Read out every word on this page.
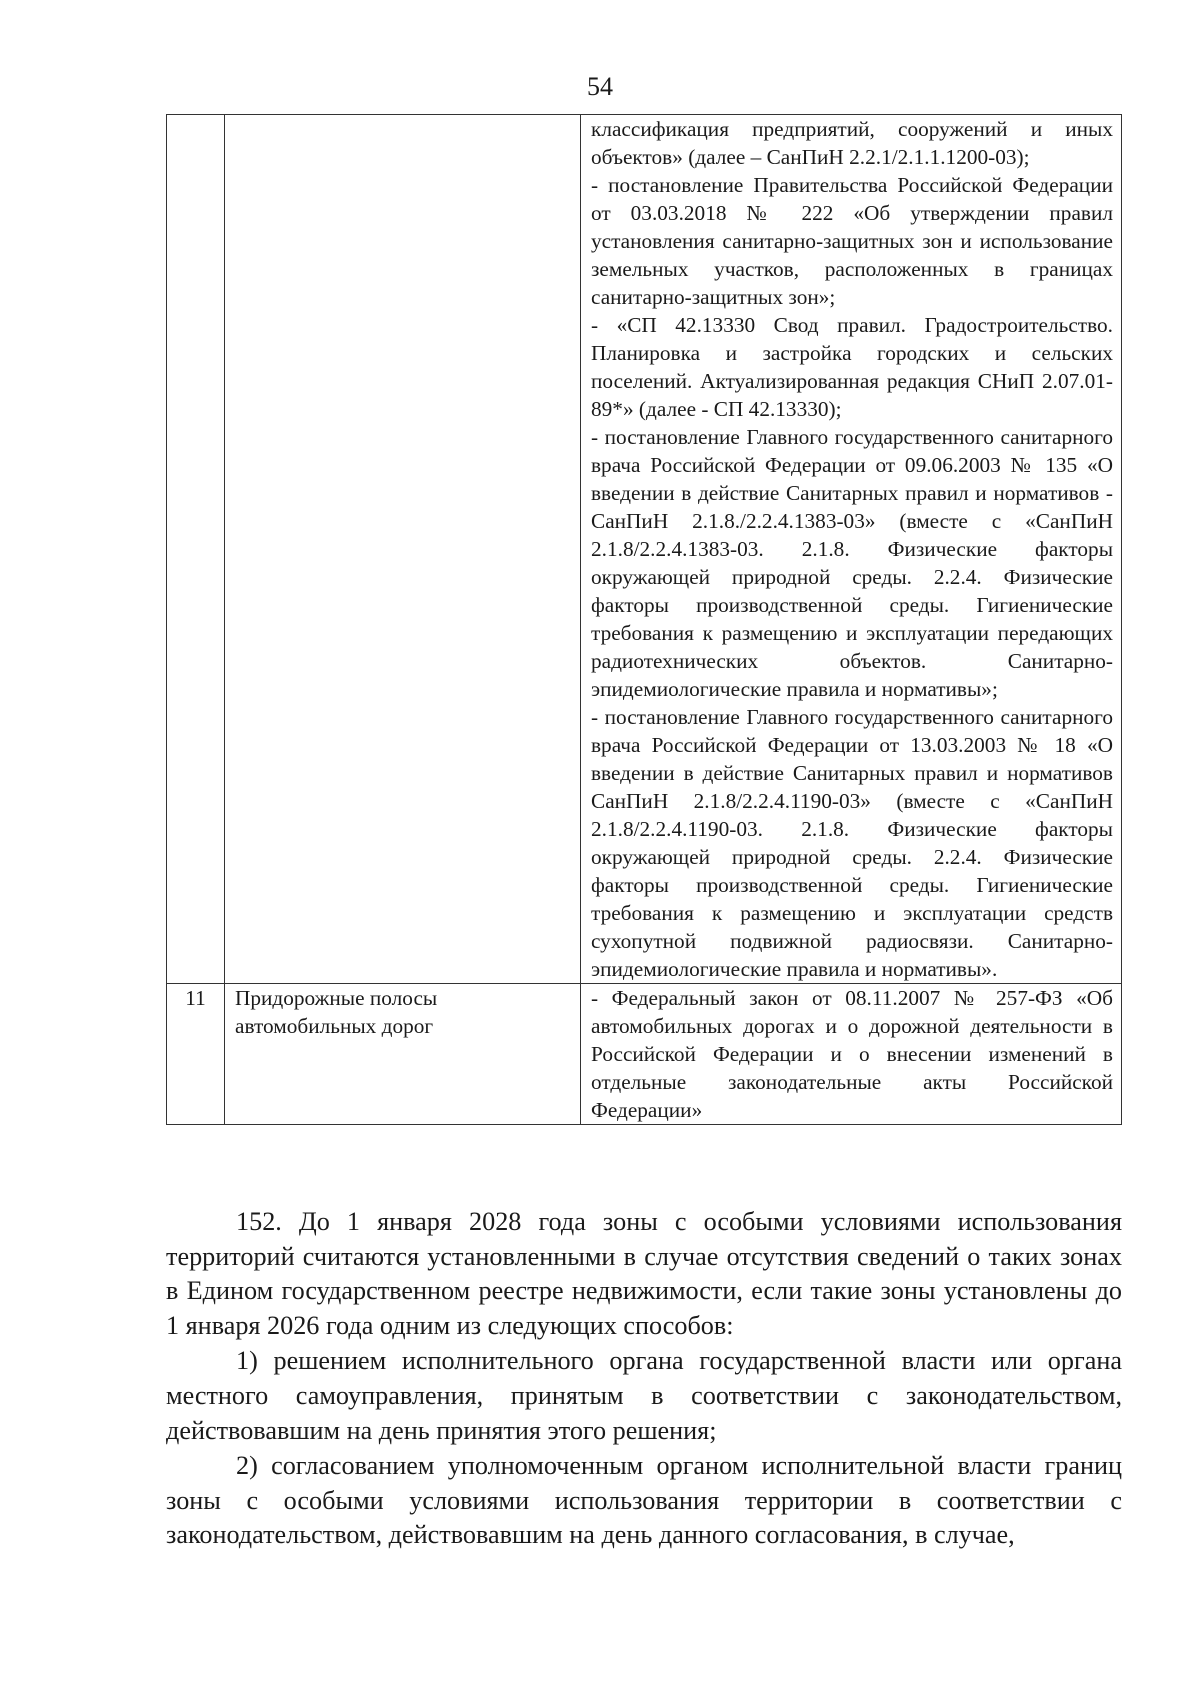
54

		классификация предприятий, сооружений и иных объектов» (далее – СанПиН 2.2.1/2.1.1.1200-03);
- постановление Правительства Российской Федерации от 03.03.2018 № 222 «Об утверждении правил установления санитарно-защитных зон и использование земельных участков, расположенных в границах санитарно-защитных зон»;
- «СП 42.13330 Свод правил. Градостроительство. Планировка и застройка городских и сельских поселений. Актуализированная редакция СНиП 2.07.01-89*» (далее - СП 42.13330);
- постановление Главного государственного санитарного врача Российской Федерации от 09.06.2003 № 135 «О введении в действие Санитарных правил и нормативов - СанПиН 2.1.8./2.2.4.1383-03» (вместе с «СанПиН 2.1.8/2.2.4.1383-03. 2.1.8. Физические факторы окружающей природной среды. 2.2.4. Физические факторы производственной среды. Гигиенические требования к размещению и эксплуатации передающих радиотехнических объектов. Санитарно-эпидемиологические правила и нормативы»;
- постановление Главного государственного санитарного врача Российской Федерации от 13.03.2003 № 18 «О введении в действие Санитарных правил и нормативов СанПиН 2.1.8/2.2.4.1190-03» (вместе с «СанПиН 2.1.8/2.2.4.1190-03. 2.1.8. Физические факторы окружающей природной среды. 2.2.4. Физические факторы производственной среды. Гигиенические требования к размещению и эксплуатации средств сухопутной подвижной радиосвязи. Санитарно-эпидемиологические правила и нормативы».

11	Придорожные полосы автомобильных дорог	- Федеральный закон от 08.11.2007 № 257-ФЗ «Об автомобильных дорогах и о дорожной деятельности в Российской Федерации и о внесении изменений в отдельные законодательные акты Российской Федерации»

152. До 1 января 2028 года зоны с особыми условиями использования территорий считаются установленными в случае отсутствия сведений о таких зонах в Едином государственном реестре недвижимости, если такие зоны установлены до 1 января 2026 года одним из следующих способов:

1) решением исполнительного органа государственной власти или органа местного самоуправления, принятым в соответствии с законодательством, действовавшим на день принятия этого решения;

2) согласованием уполномоченным органом исполнительной власти границ зоны с особыми условиями использования территории в соответствии с законодательством, действовавшим на день данного согласования, в случае,
